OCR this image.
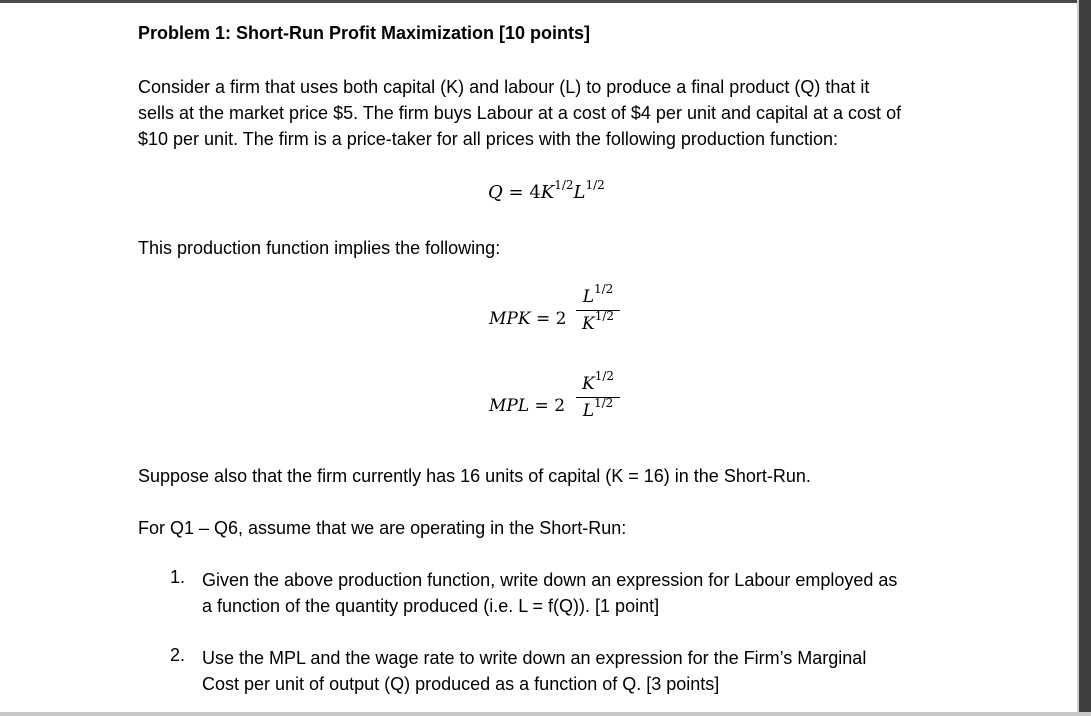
Problem 1: Short-Run Profit Maximization [10 points]
Consider a firm that uses both capital (K) and labour (L) to produce a final product (Q) that it
sells at the market price $5. The firm buys Labour at a cost of $4 per unit and capital at a cost of
$10 per unit. The firm is a price-taker for all prices with the following production function:
$Q = 4K^{1/2}L^{1/2}$
This production function implies the following:
MPK = 2
$L^{1/2}$
$K^{1/2}$
MPL = 2
$K^{1/2}$
$L^{1/2}$
Suppose also that the firm currently has 16 units of capital (K = 16) in the Short-Run.
For Q1 – Q6, assume that we are operating in the Short-Run:
1. Given the above production function, write down an expression for Labour employed as
a function of the quantity produced (i.e. L = f(Q)). [1 point]
2. Use the MPL and the wage rate to write down an expression for the Firm’s Marginal
Cost per unit of output (Q) produced as a function of Q. [3 points]
